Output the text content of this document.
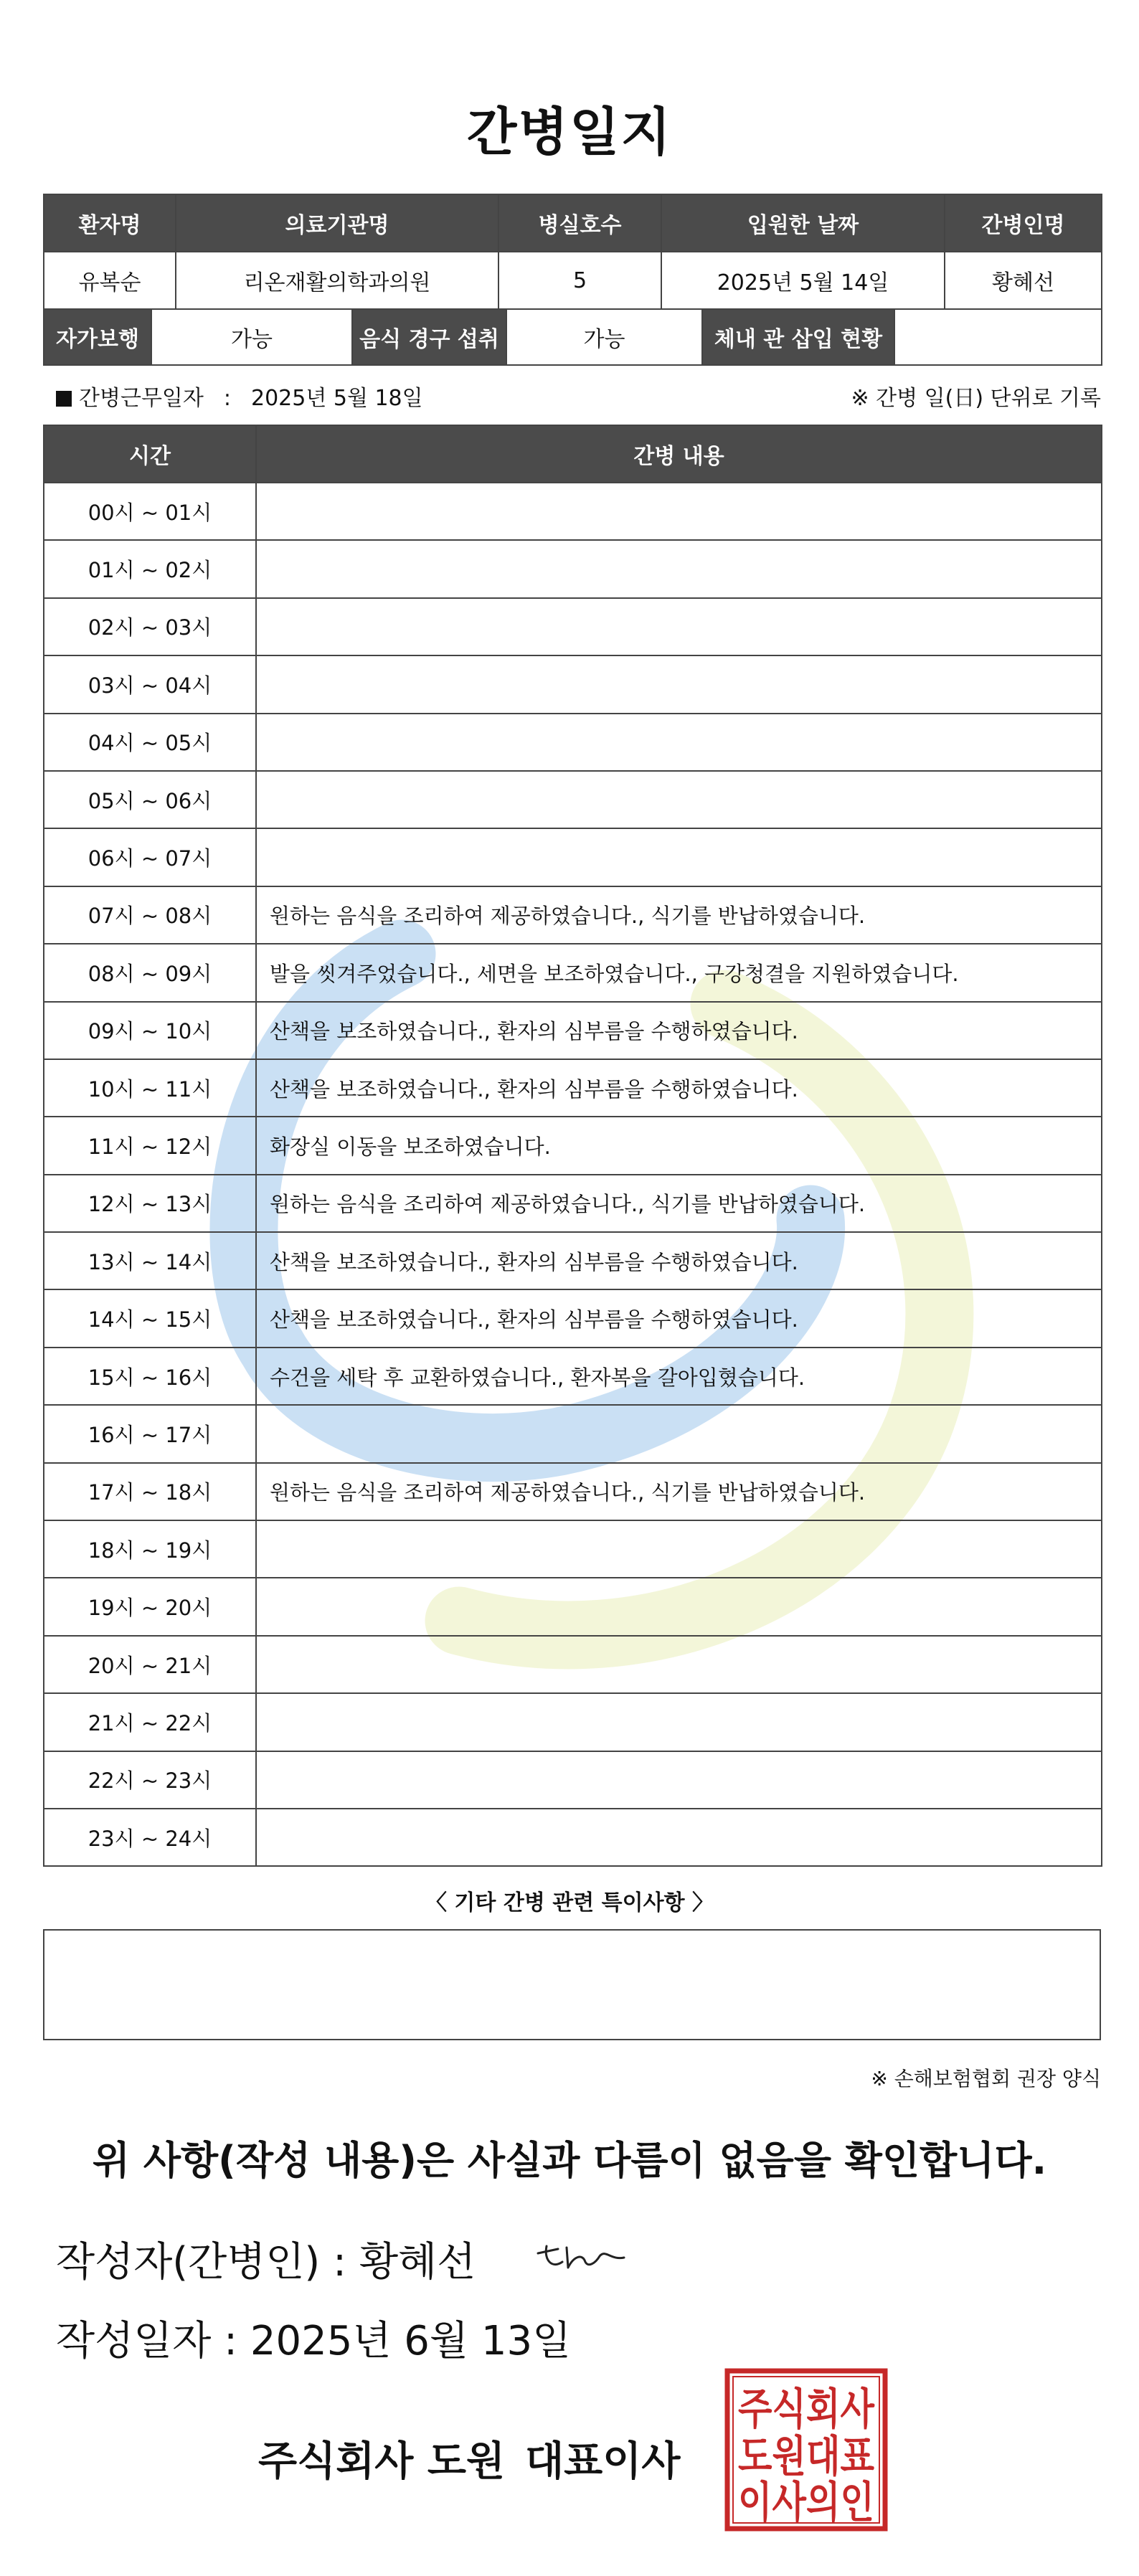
간병일지
환자명	의료기관명	병실호수	입원한 날짜	간병인명
유복순	리온재활의학과의원	5	2025년 5월 14일	황혜선
자가보행	가능	음식 경구 섭취	가능	체내 관 삽입 현황	
간병근무일자 : 2025년 5월 18일	※ 간병 일(日) 단위로 기록
시간	간병 내용
00시 ~ 01시	
01시 ~ 02시	
02시 ~ 03시	
03시 ~ 04시	
04시 ~ 05시	
05시 ~ 06시	
06시 ~ 07시	
07시 ~ 08시	원하는 음식을 조리하여 제공하였습니다., 식기를 반납하였습니다.
08시 ~ 09시	발을 씻겨주었습니다., 세면을 보조하였습니다., 구강청결을 지원하였습니다.
09시 ~ 10시	산책을 보조하였습니다., 환자의 심부름을 수행하였습니다.
10시 ~ 11시	산책을 보조하였습니다., 환자의 심부름을 수행하였습니다.
11시 ~ 12시	화장실 이동을 보조하였습니다.
12시 ~ 13시	원하는 음식을 조리하여 제공하였습니다., 식기를 반납하였습니다.
13시 ~ 14시	산책을 보조하였습니다., 환자의 심부름을 수행하였습니다.
14시 ~ 15시	산책을 보조하였습니다., 환자의 심부름을 수행하였습니다.
15시 ~ 16시	수건을 세탁 후 교환하였습니다., 환자복을 갈아입혔습니다.
16시 ~ 17시	
17시 ~ 18시	원하는 음식을 조리하여 제공하였습니다., 식기를 반납하였습니다.
18시 ~ 19시	
19시 ~ 20시	
20시 ~ 21시	
21시 ~ 22시	
22시 ~ 23시	
23시 ~ 24시	
〈 기타 간병 관련 특이사항 〉
※ 손해보험협회 권장 양식
위 사항(작성 내용)은 사실과 다름이 없음을 확인합니다.
작성자(간병인) : 황혜선
작성일자 : 2025년 6월 13일
주식회사 도원 대표이사
주식회사
도원대표
이사의인
